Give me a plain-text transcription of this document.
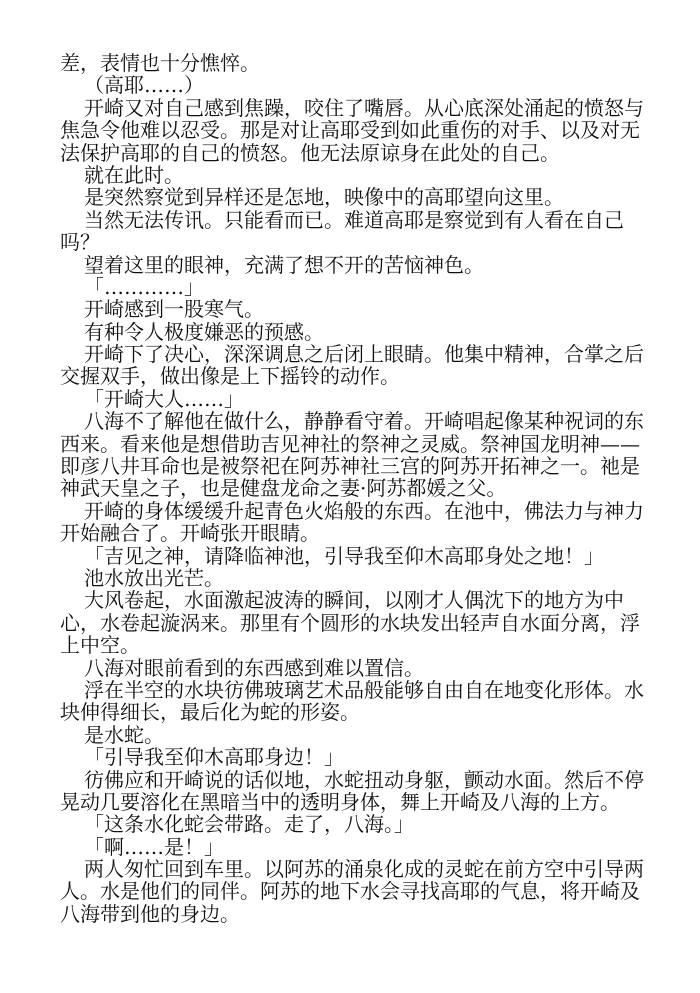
差，表情也十分憔悴。
（高耶……）
开崎又对自己感到焦躁，咬住了嘴唇。从心底深处涌起的愤怒与
焦急令他难以忍受。那是对让高耶受到如此重伤的对手、以及对无
法保护高耶的自己的愤怒。他无法原谅身在此处的自己。
就在此时。
是突然察觉到异样还是怎地，映像中的高耶望向这里。
当然无法传讯。只能看而已。难道高耶是察觉到有人看在自己
吗？
望着这里的眼神，充满了想不开的苦恼神色。
「…………」
开崎感到一股寒气。
有种令人极度嫌恶的预感。
开崎下了决心，深深调息之后闭上眼睛。他集中精神，合掌之后
交握双手，做出像是上下摇铃的动作。
「开崎大人……」
八海不了解他在做什么，静静看守着。开崎唱起像某种祝词的东
西来。看来他是想借助吉见神社的祭神之灵威。祭神国龙明神——
即彦八井耳命也是被祭祀在阿苏神社三宫的阿苏开拓神之一。祂是
神武天皇之子，也是健盘龙命之妻·阿苏都媛之父。
开崎的身体缓缓升起青色火焰般的东西。在池中，佛法力与神力
开始融合了。开崎张开眼睛。
「吉见之神，请降临神池，引导我至仰木高耶身处之地！」
池水放出光芒。
大风卷起，水面激起波涛的瞬间，以刚才人偶沈下的地方为中
心，水卷起漩涡来。那里有个圆形的水块发出轻声自水面分离，浮
上中空。
八海对眼前看到的东西感到难以置信。
浮在半空的水块彷佛玻璃艺术品般能够自由自在地变化形体。水
块伸得细长，最后化为蛇的形姿。
是水蛇。
「引导我至仰木高耶身边！」
彷佛应和开崎说的话似地，水蛇扭动身躯，颤动水面。然后不停
晃动几要溶化在黑暗当中的透明身体，舞上开崎及八海的上方。
「这条水化蛇会带路。走了，八海。」
「啊……是！」
两人匆忙回到车里。以阿苏的涌泉化成的灵蛇在前方空中引导两
人。水是他们的同伴。阿苏的地下水会寻找高耶的气息，将开崎及
八海带到他的身边。
